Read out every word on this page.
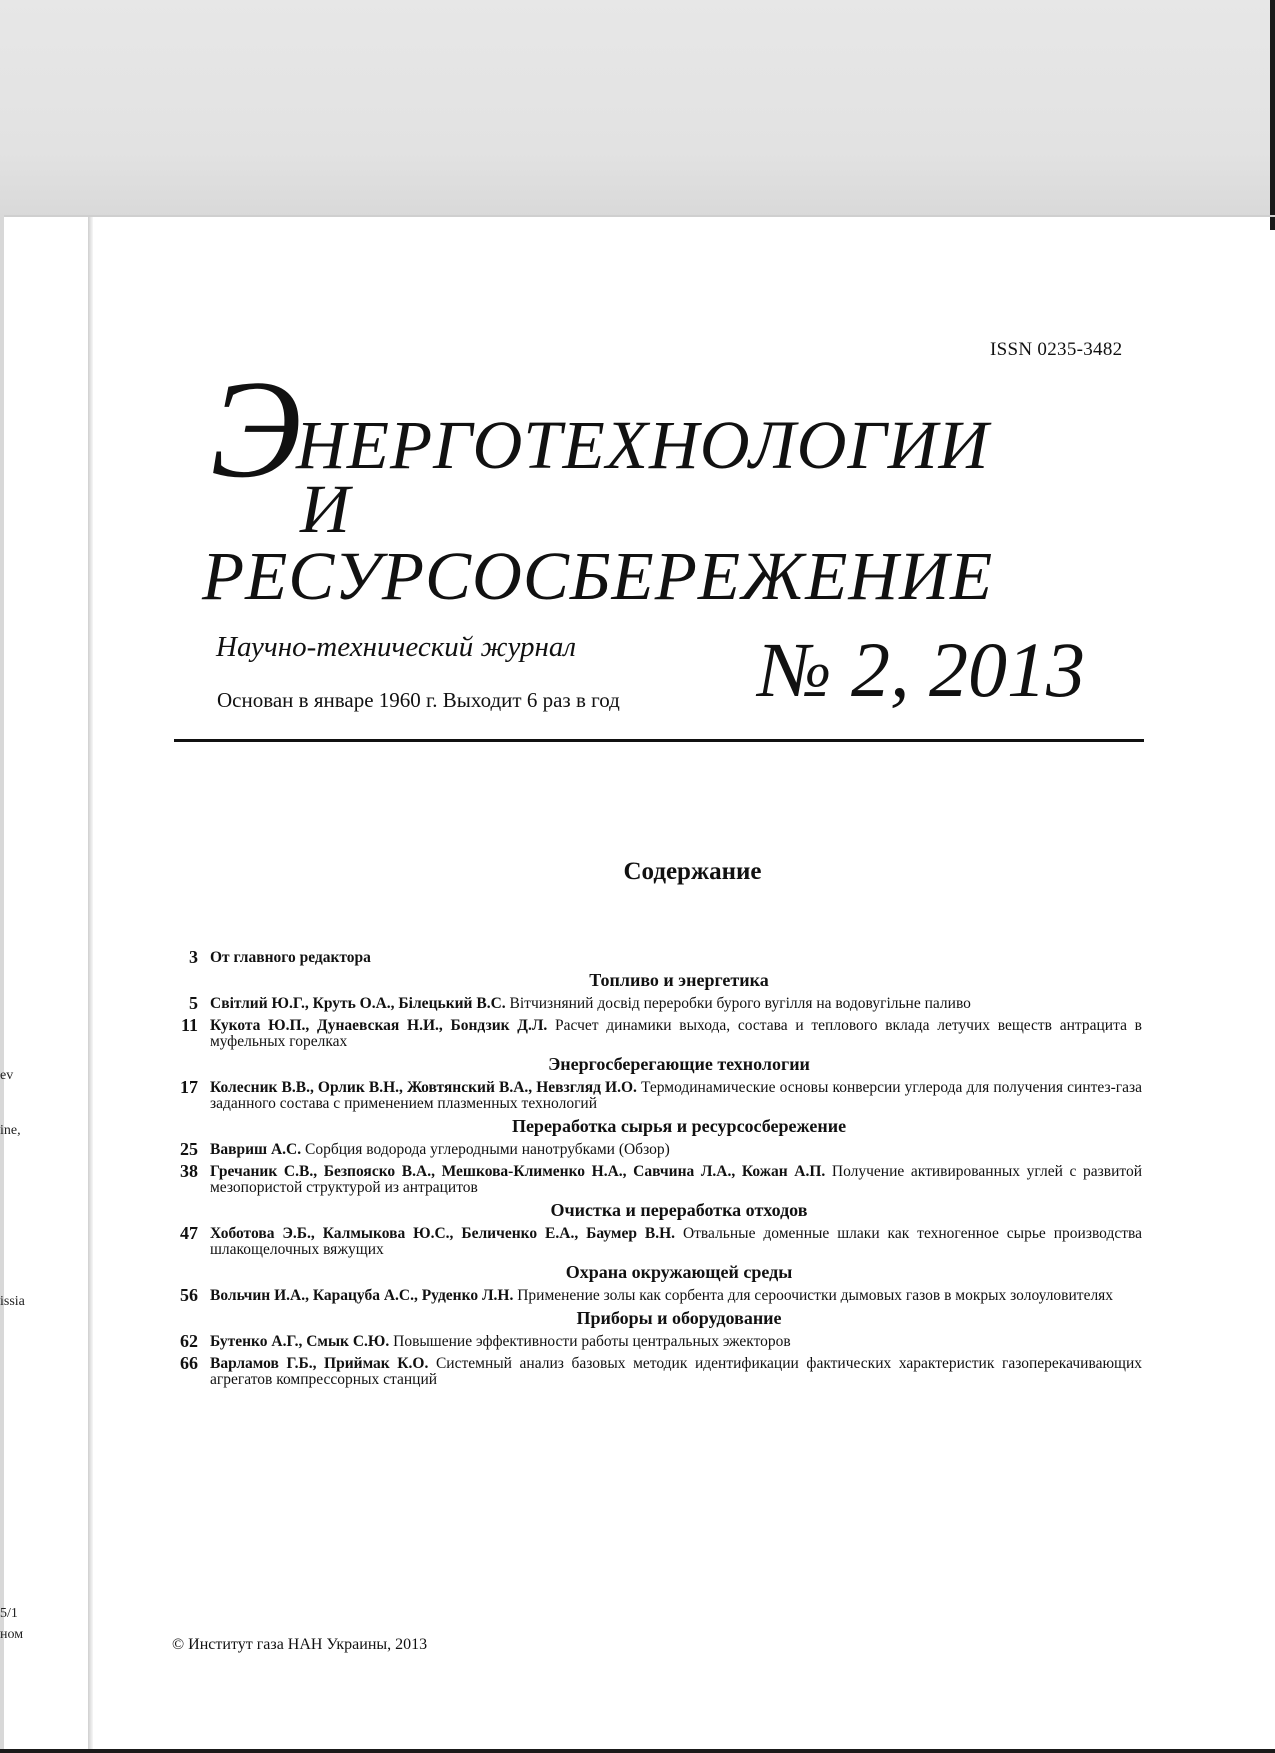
ev
ine,
issia
5/1
ном
ISSN 0235-3482
Э
НЕРГОТЕХНОЛОГИИ
И
РЕСУРСОСБЕРЕЖЕНИЕ
Научно-технический журнал
Основан в январе 1960 г. Выходит 6 раз в год № 2, 2013
Содержание
3 От главного редактора
Топливо и энергетика
5 Світлий Ю.Г., Круть О.А., Білецький В.С. Вітчизняний досвід переробки бурого вугілля на водовугільне паливо
11 Кукота Ю.П., Дунаевская Н.И., Бондзик Д.Л. Расчет динамики выхода, состава и теплового вклада летучих веществ антрацита в муфельных горелках
Энергосберегающие технологии
17 Колесник В.В., Орлик В.Н., Жовтянский В.А., Невзгляд И.О. Термодинамические основы конверсии углерода для получения синтез-газа заданного состава с применением плазменных технологий
Переработка сырья и ресурсосбережение
25 Вавриш А.С. Сорбция водорода углеродными нанотрубками (Обзор)
38 Гречаник С.В., Безпояско В.А., Мешкова-Клименко Н.А., Савчина Л.А., Кожан А.П. Получение активированных углей с развитой мезопористой структурой из антрацитов
Очистка и переработка отходов
47 Хоботова Э.Б., Калмыкова Ю.С., Беличенко Е.А., Баумер В.Н. Отвальные доменные шлаки как техногенное сырье производства шлакощелочных вяжущих
Охрана окружающей среды
56 Вольчин И.А., Карацуба А.С., Руденко Л.Н. Применение золы как сорбента для сероочистки дымовых газов в мокрых золоуловителях
Приборы и оборудование
62 Бутенко А.Г., Смык С.Ю. Повышение эффективности работы центральных эжекторов
66 Варламов Г.Б., Приймак К.О. Системный анализ базовых методик идентификации фактических характеристик газоперекачивающих агрегатов компрессорных станций
© Институт газа НАН Украины, 2013
